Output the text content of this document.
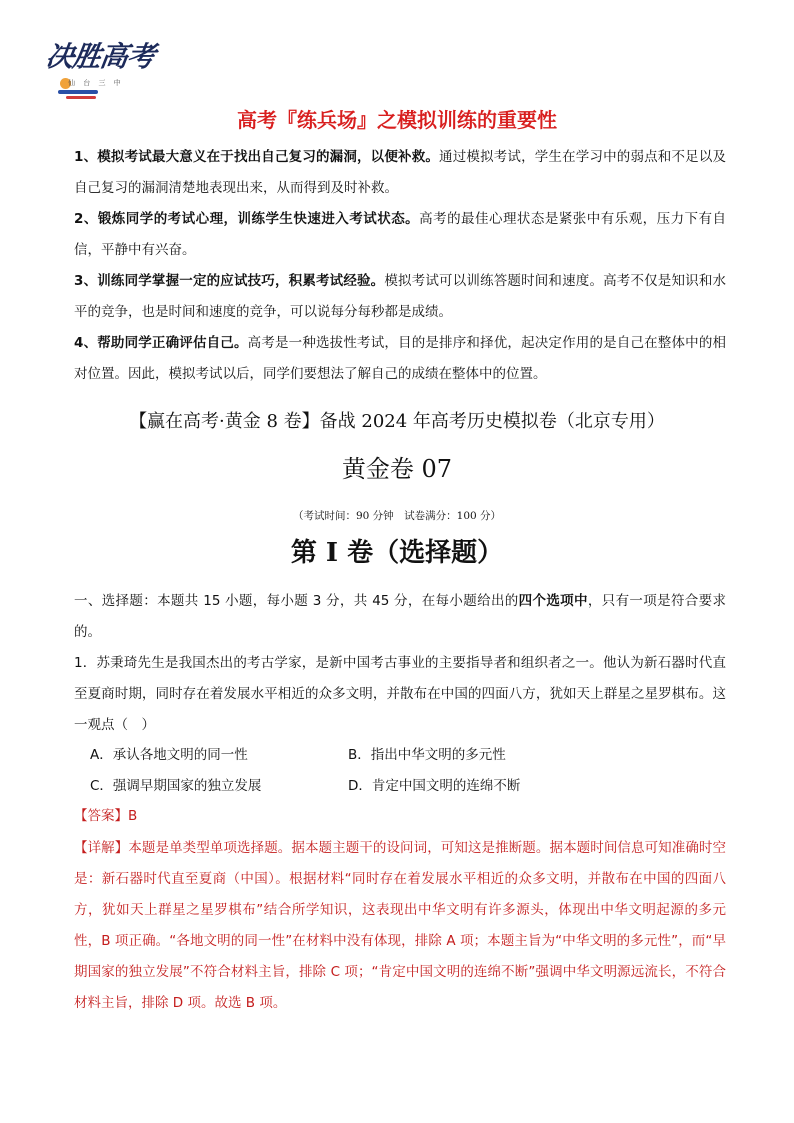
决胜高考
仙 台 三 中
高考『练兵场』之模拟训练的重要性
1、模拟考试最大意义在于找出自己复习的漏洞，以便补救。通过模拟考试，学生在学习中的弱点和不足以及自己复习的漏洞清楚地表现出来，从而得到及时补救。
2、锻炼同学的考试心理，训练学生快速进入考试状态。高考的最佳心理状态是紧张中有乐观，压力下有自信，平静中有兴奋。
3、训练同学掌握一定的应试技巧，积累考试经验。模拟考试可以训练答题时间和速度。高考不仅是知识和水平的竞争，也是时间和速度的竞争，可以说每分每秒都是成绩。
4、帮助同学正确评估自己。高考是一种选拔性考试，目的是排序和择优，起决定作用的是自己在整体中的相对位置。因此，模拟考试以后，同学们要想法了解自己的成绩在整体中的位置。
【赢在高考·黄金 8 卷】备战 2024 年高考历史模拟卷（北京专用）
黄金卷 07
（考试时间：90 分钟　试卷满分：100 分）
第 I 卷（选择题）
一、选择题：本题共 15 小题，每小题 3 分，共 45 分，在每小题给出的四个选项中，只有一项是符合要求的。
1．苏秉琦先生是我国杰出的考古学家，是新中国考古事业的主要指导者和组织者之一。他认为新石器时代直至夏商时期，同时存在着发展水平相近的众多文明，并散布在中国的四面八方，犹如天上群星之星罗棋布。这一观点（　）
A．承认各地文明的同一性	B．指出中华文明的多元性
C．强调早期国家的独立发展	D．肯定中国文明的连绵不断
【答案】B
【详解】本题是单类型单项选择题。据本题主题干的设问词，可知这是推断题。据本题时间信息可知准确时空是：新石器时代直至夏商（中国）。根据材料“同时存在着发展水平相近的众多文明，并散布在中国的四面八方，犹如天上群星之星罗棋布”结合所学知识，这表现出中华文明有许多源头，体现出中华文明起源的多元性，B 项正确。“各地文明的同一性”在材料中没有体现，排除 A 项；本题主旨为“中华文明的多元性”，而“早期国家的独立发展”不符合材料主旨，排除 C 项；“肯定中国文明的连绵不断”强调中华文明源远流长，不符合材料主旨，排除 D 项。故选 B 项。
